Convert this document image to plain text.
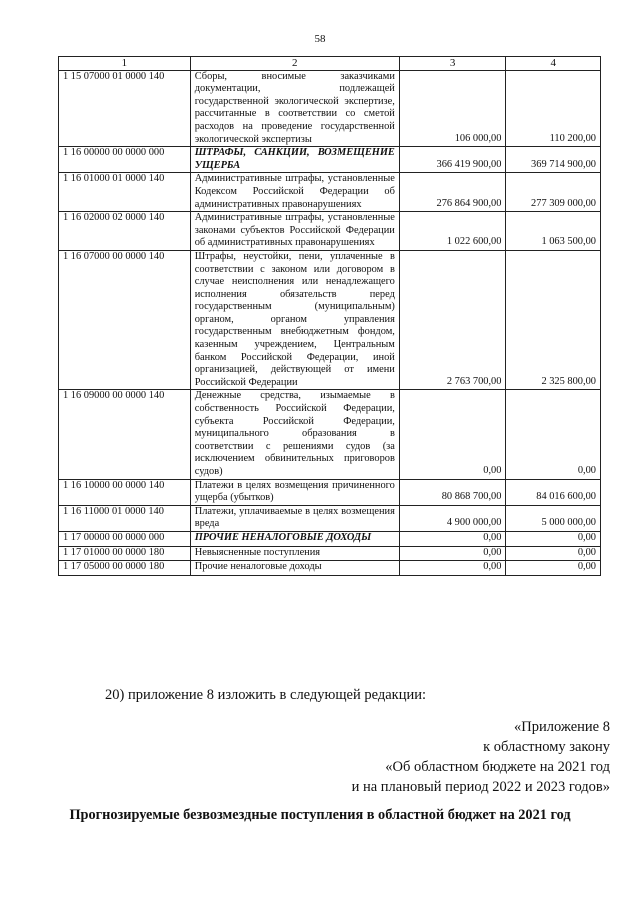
58
1	2	3	4
1 15 07000 01 0000 140	Сборы, вносимые заказчиками документации, подлежащей государственной экологической экспертизе, рассчитанные в соответствии со сметой расходов на проведение государственной экологической экспертизы	106 000,00	110 200,00
1 16 00000 00 0000 000	ШТРАФЫ, САНКЦИИ, ВОЗМЕЩЕНИЕ УЩЕРБА	366 419 900,00	369 714 900,00
1 16 01000 01 0000 140	Административные штрафы, установленные Кодексом Российской Федерации об административных правонарушениях	276 864 900,00	277 309 000,00
1 16 02000 02 0000 140	Административные штрафы, установленные законами субъектов Российской Федерации об административных правонарушениях	1 022 600,00	1 063 500,00
1 16 07000 00 0000 140	Штрафы, неустойки, пени, уплаченные в соответствии с законом или договором в случае неисполнения или ненадлежащего исполнения обязательств перед государственным (муниципальным) органом, органом управления государственным внебюджетным фондом, казенным учреждением, Центральным банком Российской Федерации, иной организацией, действующей от имени Российской Федерации	2 763 700,00	2 325 800,00
1 16 09000 00 0000 140	Денежные средства, изымаемые в собственность Российской Федерации, субъекта Российской Федерации, муниципального образования в соответствии с решениями судов (за исключением обвинительных приговоров судов)	0,00	0,00
1 16 10000 00 0000 140	Платежи в целях возмещения причиненного ущерба (убытков)	80 868 700,00	84 016 600,00
1 16 11000 01 0000 140	Платежи, уплачиваемые в целях возмещения вреда	4 900 000,00	5 000 000,00
1 17 00000 00 0000 000	ПРОЧИЕ НЕНАЛОГОВЫЕ ДОХОДЫ	0,00	0,00
1 17 01000 00 0000 180	Невыясненные поступления	0,00	0,00
1 17 05000 00 0000 180	Прочие неналоговые доходы	0,00	0,00
20) приложение 8 изложить в следующей редакции:
«Приложение 8
к областному закону
«Об областном бюджете на 2021 год
и на плановый период 2022 и 2023 годов»
Прогнозируемые безвозмездные поступления в областной бюджет на 2021 год
